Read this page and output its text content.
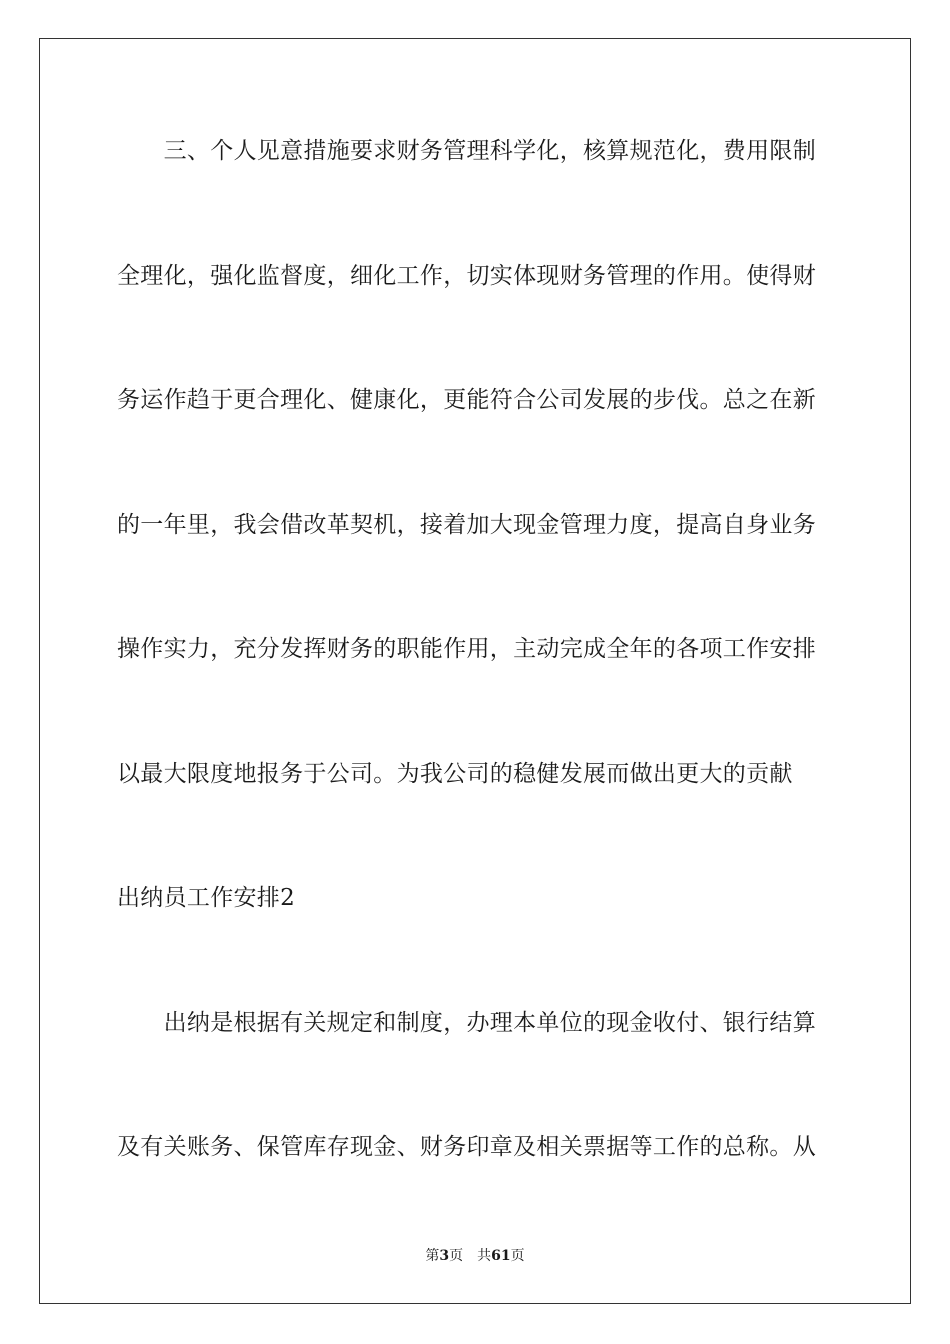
　　三、个人见意措施要求财务管理科学化，核算规范化，费用限制
全理化，强化监督度，细化工作，切实体现财务管理的作用。使得财
务运作趋于更合理化、健康化，更能符合公司发展的步伐。总之在新
的一年里，我会借改革契机，接着加大现金管理力度，提高自身业务
操作实力，充分发挥财务的职能作用，主动完成全年的各项工作安排
以最大限度地报务于公司。为我公司的稳健发展而做出更大的贡献
出纳员工作安排2
　　出纳是根据有关规定和制度，办理本单位的现金收付、银行结算
及有关账务、保管库存现金、财务印章及相关票据等工作的总称。从
第3页 共61页
